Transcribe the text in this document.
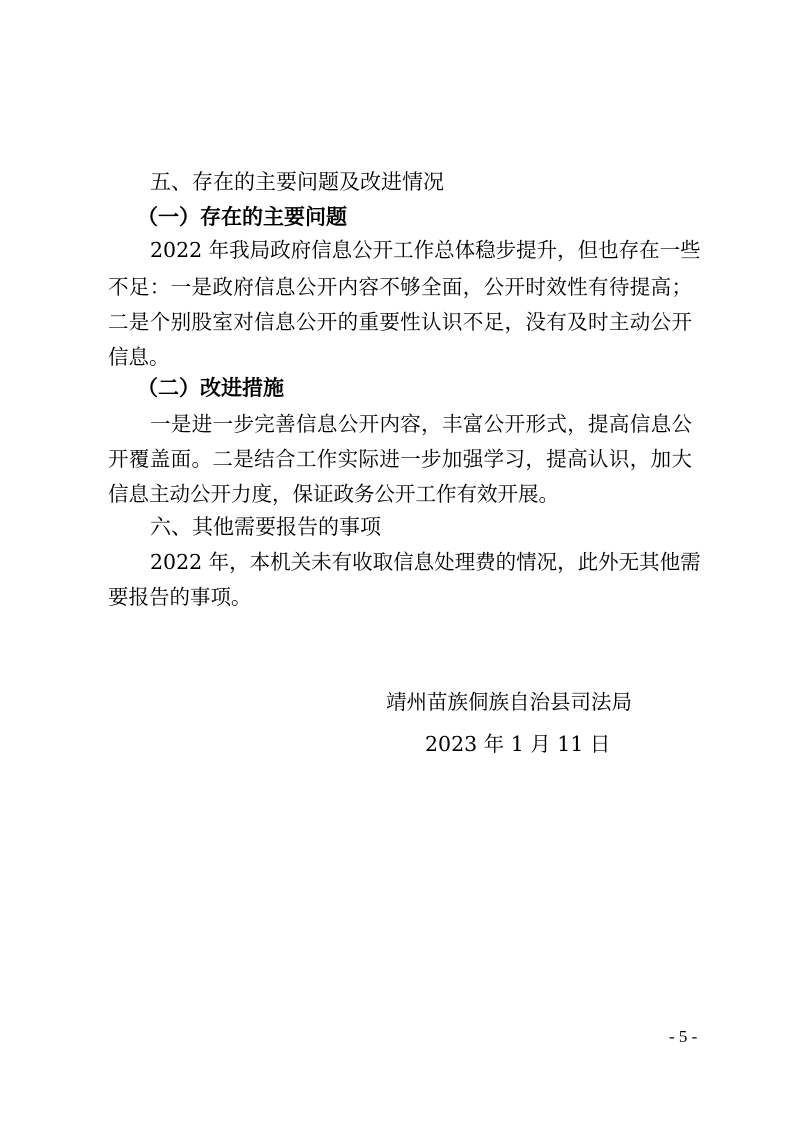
五、存在的主要问题及改进情况
（一）存在的主要问题
2022 年我局政府信息公开工作总体稳步提升，但也存在一些
不足：一是政府信息公开内容不够全面，公开时效性有待提高；
二是个别股室对信息公开的重要性认识不足，没有及时主动公开
信息。
（二）改进措施
一是进一步完善信息公开内容，丰富公开形式，提高信息公
开覆盖面。二是结合工作实际进一步加强学习，提高认识，加大
信息主动公开力度，保证政务公开工作有效开展。
六、其他需要报告的事项
2022 年，本机关未有收取信息处理费的情况，此外无其他需
要报告的事项。
靖州苗族侗族自治县司法局
2023 年 1 月 11 日
- 5 -
